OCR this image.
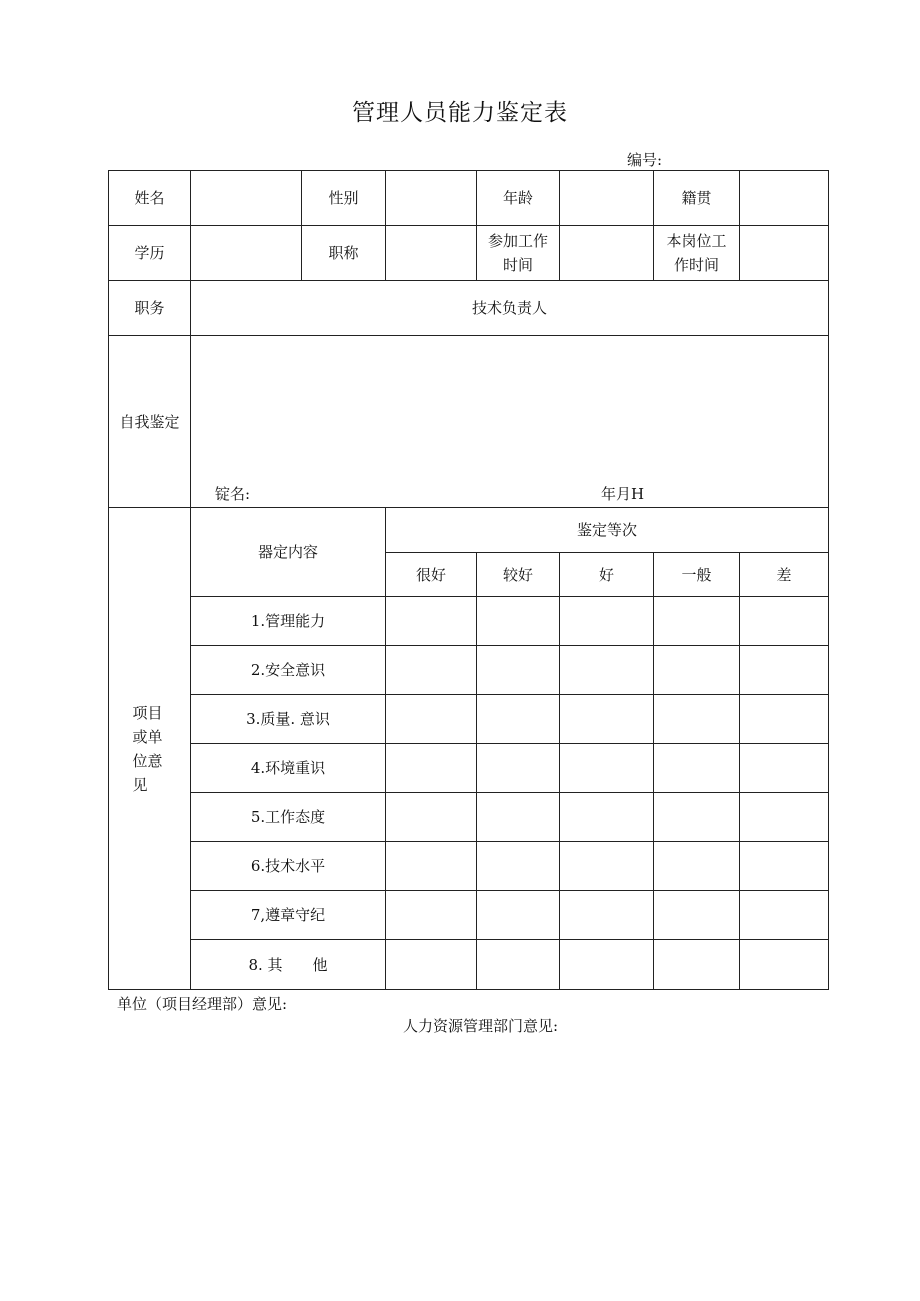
管理人员能力鉴定表
编号:
姓名		性别		年龄		籍贯	
学历		职称		参加工作时间		本岗位工作时间	
职务	技术负责人						
自我鉴定	锭名: 年月H						

项目或单位意见	器定内容		鉴定等次				
			很好	较好	好	一般	差
	1.管理能力						
	2.安全意识						
	3.质量. 意识						
	4.环境重识						
	5.工作态度						
	6.技术水平						
	7,遵章守纪						
	8. 其　　他						
单位（项目经理部）意见:
人力资源管理部门意见:
